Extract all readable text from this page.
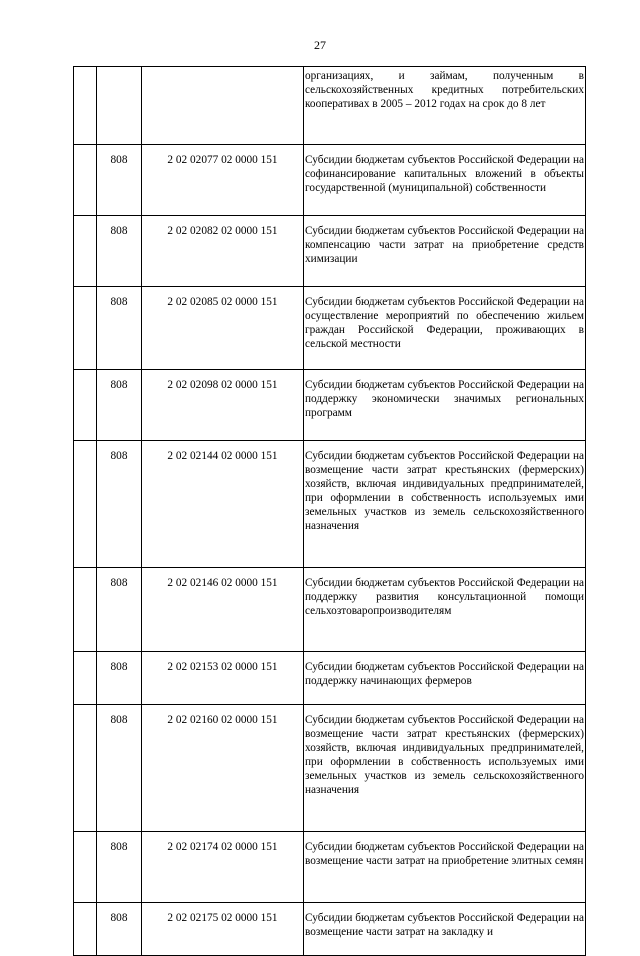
27
			организациях, и займам, полученным в сельскохозяйственных кредитных потребительских кооперативах в 2005 – 2012 годах на срок до 8 лет
	808	2 02 02077 02 0000 151	Субсидии бюджетам субъектов Российской Федерации на софинансирование капитальных вложений в объекты государственной (муниципальной) собственности
	808	2 02 02082 02 0000 151	Субсидии бюджетам субъектов Российской Федерации на компенсацию части затрат на приобретение средств химизации
	808	2 02 02085 02 0000 151	Субсидии бюджетам субъектов Российской Федерации на осуществление мероприятий по обеспечению жильем граждан Российской Федерации, проживающих в сельской местности
	808	2 02 02098 02 0000 151	Субсидии бюджетам субъектов Российской Федерации на поддержку экономически значимых региональных программ
	808	2 02 02144 02 0000 151	Субсидии бюджетам субъектов Российской Федерации на возмещение части затрат крестьянских (фермерских) хозяйств, включая индивидуальных предпринимателей, при оформлении в собственность используемых ими земельных участков из земель сельскохозяйственного назначения
	808	2 02 02146 02 0000 151	Субсидии бюджетам субъектов Российской Федерации на поддержку развития консультационной помощи сельхозтоваропроизводителям
	808	2 02 02153 02 0000 151	Субсидии бюджетам субъектов Российской Федерации на поддержку начинающих фермеров
	808	2 02 02160 02 0000 151	Субсидии бюджетам субъектов Российской Федерации на возмещение части затрат крестьянских (фермерских) хозяйств, включая индивидуальных предпринимателей, при оформлении в собственность используемых ими земельных участков из земель сельскохозяйственного назначения
	808	2 02 02174 02 0000 151	Субсидии бюджетам субъектов Российской Федерации на возмещение части затрат на приобретение элитных семян
	808	2 02 02175 02 0000 151	Субсидии бюджетам субъектов Российской Федерации на возмещение части затрат на закладку и
